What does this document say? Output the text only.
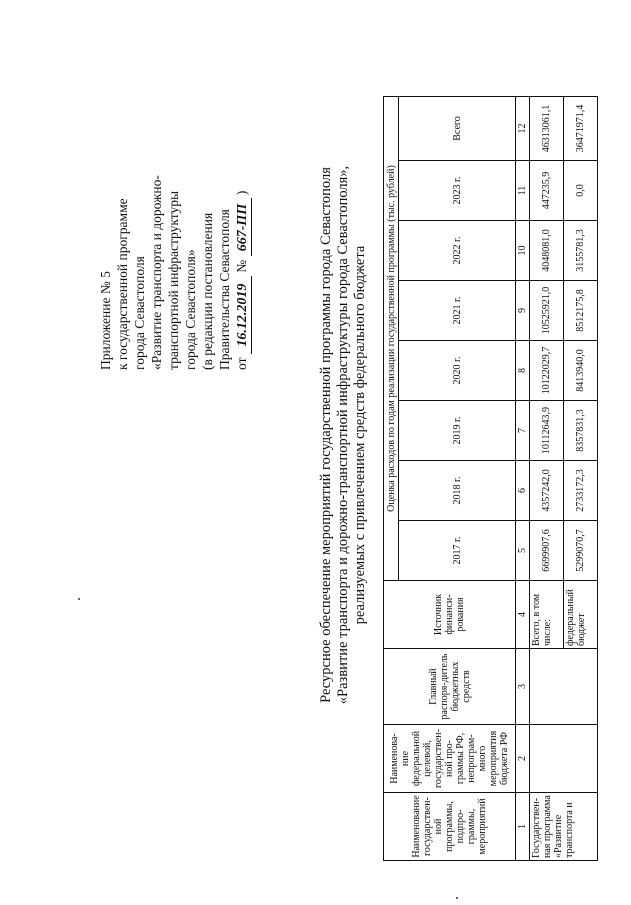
Приложение № 5 к государственной программе города Севастополя «Развитие транспорта и дорожно- транспортной инфраструктуры города Севастополя» (в редакции постановления Правительства Севастополя от 16.12.2019 № 667-ПП )	Ресурсное обеспечение мероприятий государственной программы города Севастополя «Развитие транспорта и дорожно-транспортной инфраструктуры города Севастополя», реализуемых с привлечением средств федерального бюджета
Наименование государствен-ной программы, подпро-граммы, мероприятий	Наименова-ние федеральной целевой, государствен-ной про-граммы РФ, непрограм-много мероприятия бюджета РФ	Главный распоря-дитель бюджетных средств	Источник финанси-рования	Оценка расходов по годам реализации государственной программы (тыс. рублей)							
				2017 г.	2018 г.	2019 г.	2020 г.	2021 г.	2022 г.	2023 г.	Всего
1	2	3	4	5	6	7	8	9	10	11	12
Государствен-ная программа «Развитие транспорта и			Всего, в том числе:	6699907,6	4357242,0	10112643,9	10122029,7	10525921,0	4048081,0	447235,9	46313061,1
			федеральный бюджет	5299070,7	2733172,3	8357831,3	8413940,0	8512175,8	3155781,3	0,0	36471971,4
